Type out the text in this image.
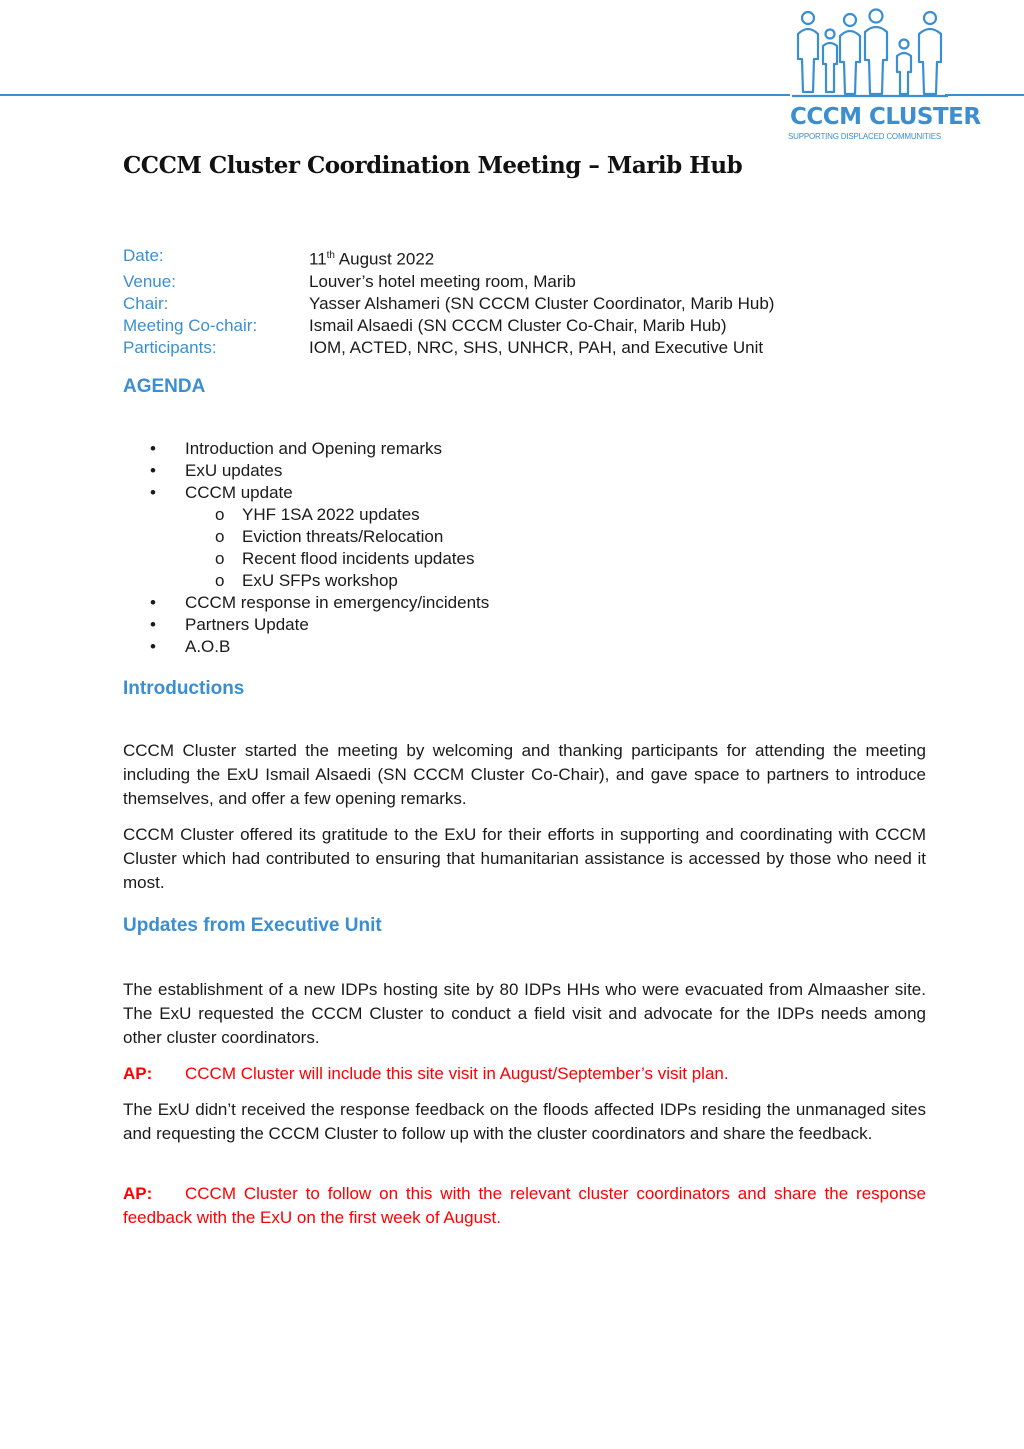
CCCM CLUSTER
SUPPORTING DISPLACED COMMUNITIES
CCCM Cluster Coordination Meeting – Marib Hub
Date:	11th August 2022
Venue:	Louver’s hotel meeting room, Marib
Chair:	Yasser Alshameri (SN CCCM Cluster Coordinator, Marib Hub)
Meeting Co-chair:	Ismail Alsaedi (SN CCCM Cluster Co-Chair, Marib Hub)
Participants:	IOM, ACTED, NRC, SHS, UNHCR, PAH, and Executive Unit
AGENDA
•	Introduction and Opening remarks
•	ExU updates
•	CCCM update
o	YHF 1SA 2022 updates
o	Eviction threats/Relocation
o	Recent flood incidents updates
o	ExU SFPs workshop
•	CCCM response in emergency/incidents
•	Partners Update
•	A.O.B
Introductions
CCCM Cluster started the meeting by welcoming and thanking participants for attending the meeting including the ExU Ismail Alsaedi (SN CCCM Cluster Co-Chair), and gave space to partners to introduce themselves, and offer a few opening remarks.
CCCM Cluster offered its gratitude to the ExU for their efforts in supporting and coordinating with CCCM Cluster which had contributed to ensuring that humanitarian assistance is accessed by those who need it most.
Updates from Executive Unit
The establishment of a new IDPs hosting site by 80 IDPs HHs who were evacuated from Almaasher site. The ExU requested the CCCM Cluster to conduct a field visit and advocate for the IDPs needs among other cluster coordinators.
AP: CCCM Cluster will include this site visit in August/September’s visit plan.
The ExU didn’t received the response feedback on the floods affected IDPs residing the unmanaged sites and requesting the CCCM Cluster to follow up with the cluster coordinators and share the feedback.
AP: CCCM Cluster to follow on this with the relevant cluster coordinators and share the response feedback with the ExU on the first week of August.
